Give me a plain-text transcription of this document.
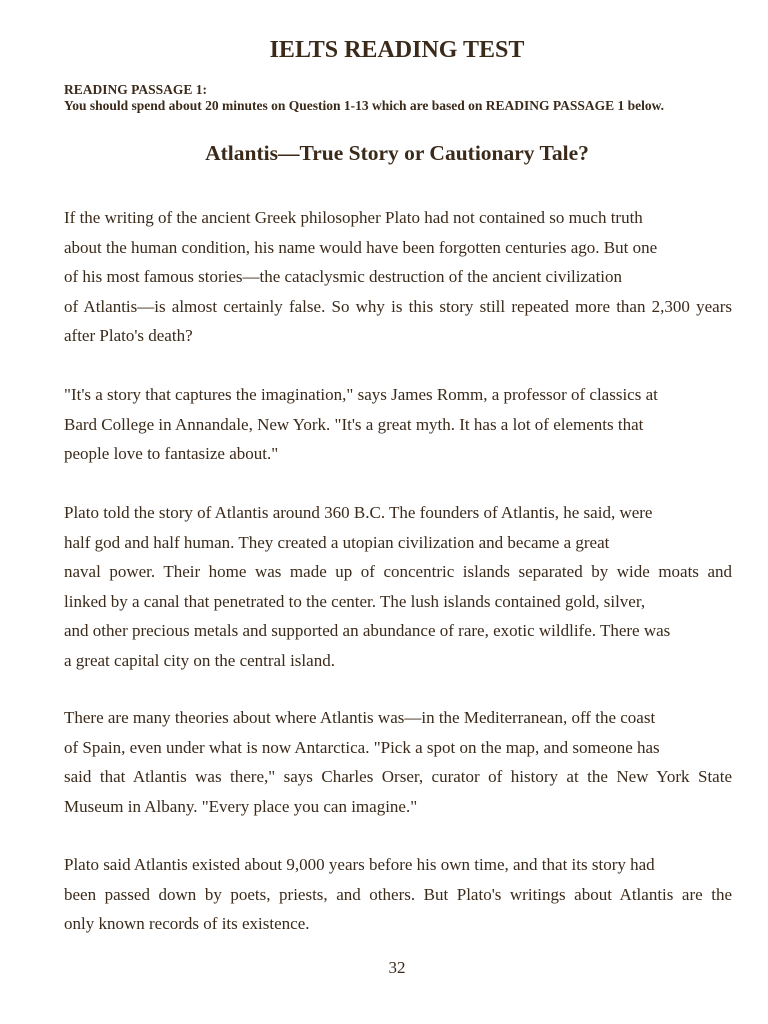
IELTS READING TEST

READING PASSAGE 1:

You should spend about 20 minutes on Question 1-13 which are based on READING PASSAGE 1 below.

Atlantis—True Story or Cautionary Tale?
If the writing of the ancient Greek philosopher Plato had not contained so much truth
about the human condition, his name would have been forgotten centuries ago. But one
of his most famous stories—the cataclysmic destruction of the ancient civilization
of Atlantis—is almost certainly false. So why is this story still repeated more than 2,300 years
after Plato's death?
"It's a story that captures the imagination," says James Romm, a professor of classics at
Bard College in Annandale, New York. "It's a great myth. It has a lot of elements that
people love to fantasize about."
Plato told the story of Atlantis around 360 B.C. The founders of Atlantis, he said, were
half god and half human. They created a utopian civilization and became a great
naval power. Their home was made up of concentric islands separated by wide moats and
linked by a canal that penetrated to the center. The lush islands contained gold, silver,
and other precious metals and supported an abundance of rare, exotic wildlife. There was
a great capital city on the central island.
There are many theories about where Atlantis was—in the Mediterranean, off the coast
of Spain, even under what is now Antarctica. "Pick a spot on the map, and someone has
said that Atlantis was there," says Charles Orser, curator of history at the New York State
Museum in Albany. "Every place you can imagine."
Plato said Atlantis existed about 9,000 years before his own time, and that its story had
been passed down by poets, priests, and others. But Plato's writings about Atlantis are the
only known records of its existence.

32
